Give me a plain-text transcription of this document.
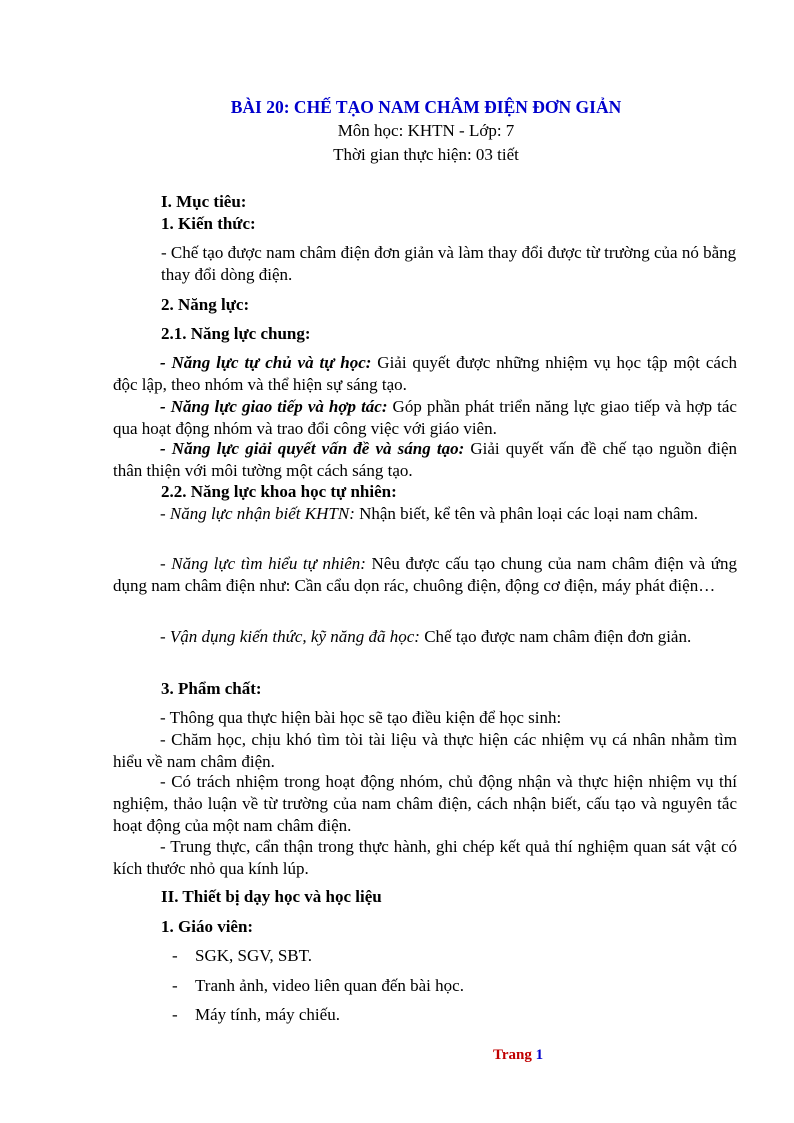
BÀI 20: CHẾ TẠO NAM CHÂM ĐIỆN ĐƠN GIẢN
Môn học: KHTN - Lớp: 7
Thời gian thực hiện: 03 tiết
I. Mục tiêu:
1. Kiến thức:
- Chế tạo được nam châm điện đơn giản và làm thay đổi được từ trường của nó bằng thay đổi dòng điện.
2. Năng lực:
2.1. Năng lực chung:
- Năng lực tự chủ và tự học: Giải quyết được những nhiệm vụ học tập một cách độc lập, theo nhóm và thể hiện sự sáng tạo.
- Năng lực giao tiếp và hợp tác: Góp phần phát triển năng lực giao tiếp và hợp tác qua hoạt động nhóm và trao đổi công việc với giáo viên.
- Năng lực giải quyết vấn đề và sáng tạo: Giải quyết vấn đề chế tạo nguồn điện thân thiện với môi tường một cách sáng tạo.
2.2. Năng lực khoa học tự nhiên:
- Năng lực nhận biết KHTN: Nhận biết, kể tên và phân loại các loại nam châm.
- Năng lực tìm hiểu tự nhiên: Nêu được cấu tạo chung của nam châm điện và ứng dụng nam châm điện như: Cần cẩu dọn rác, chuông điện, động cơ điện, máy phát điện…
- Vận dụng kiến thức, kỹ năng đã học: Chế tạo được nam châm điện đơn giản.
3. Phẩm chất:
- Thông qua thực hiện bài học sẽ tạo điều kiện để học sinh:
- Chăm học, chịu khó tìm tòi tài liệu và thực hiện các nhiệm vụ cá nhân nhằm tìm hiểu về nam châm điện.
- Có trách nhiệm trong hoạt động nhóm, chủ động nhận và thực hiện nhiệm vụ thí nghiệm, thảo luận về từ trường của nam châm điện, cách nhận biết, cấu tạo và nguyên tắc hoạt động của một nam châm điện.
- Trung thực, cẩn thận trong thực hành, ghi chép kết quả thí nghiệm quan sát vật có kích thước nhỏ qua kính lúp.
II. Thiết bị dạy học và học liệu
1. Giáo viên:
- SGK, SGV, SBT.
- Tranh ảnh, video liên quan đến bài học.
- Máy tính, máy chiếu.
Trang 1
